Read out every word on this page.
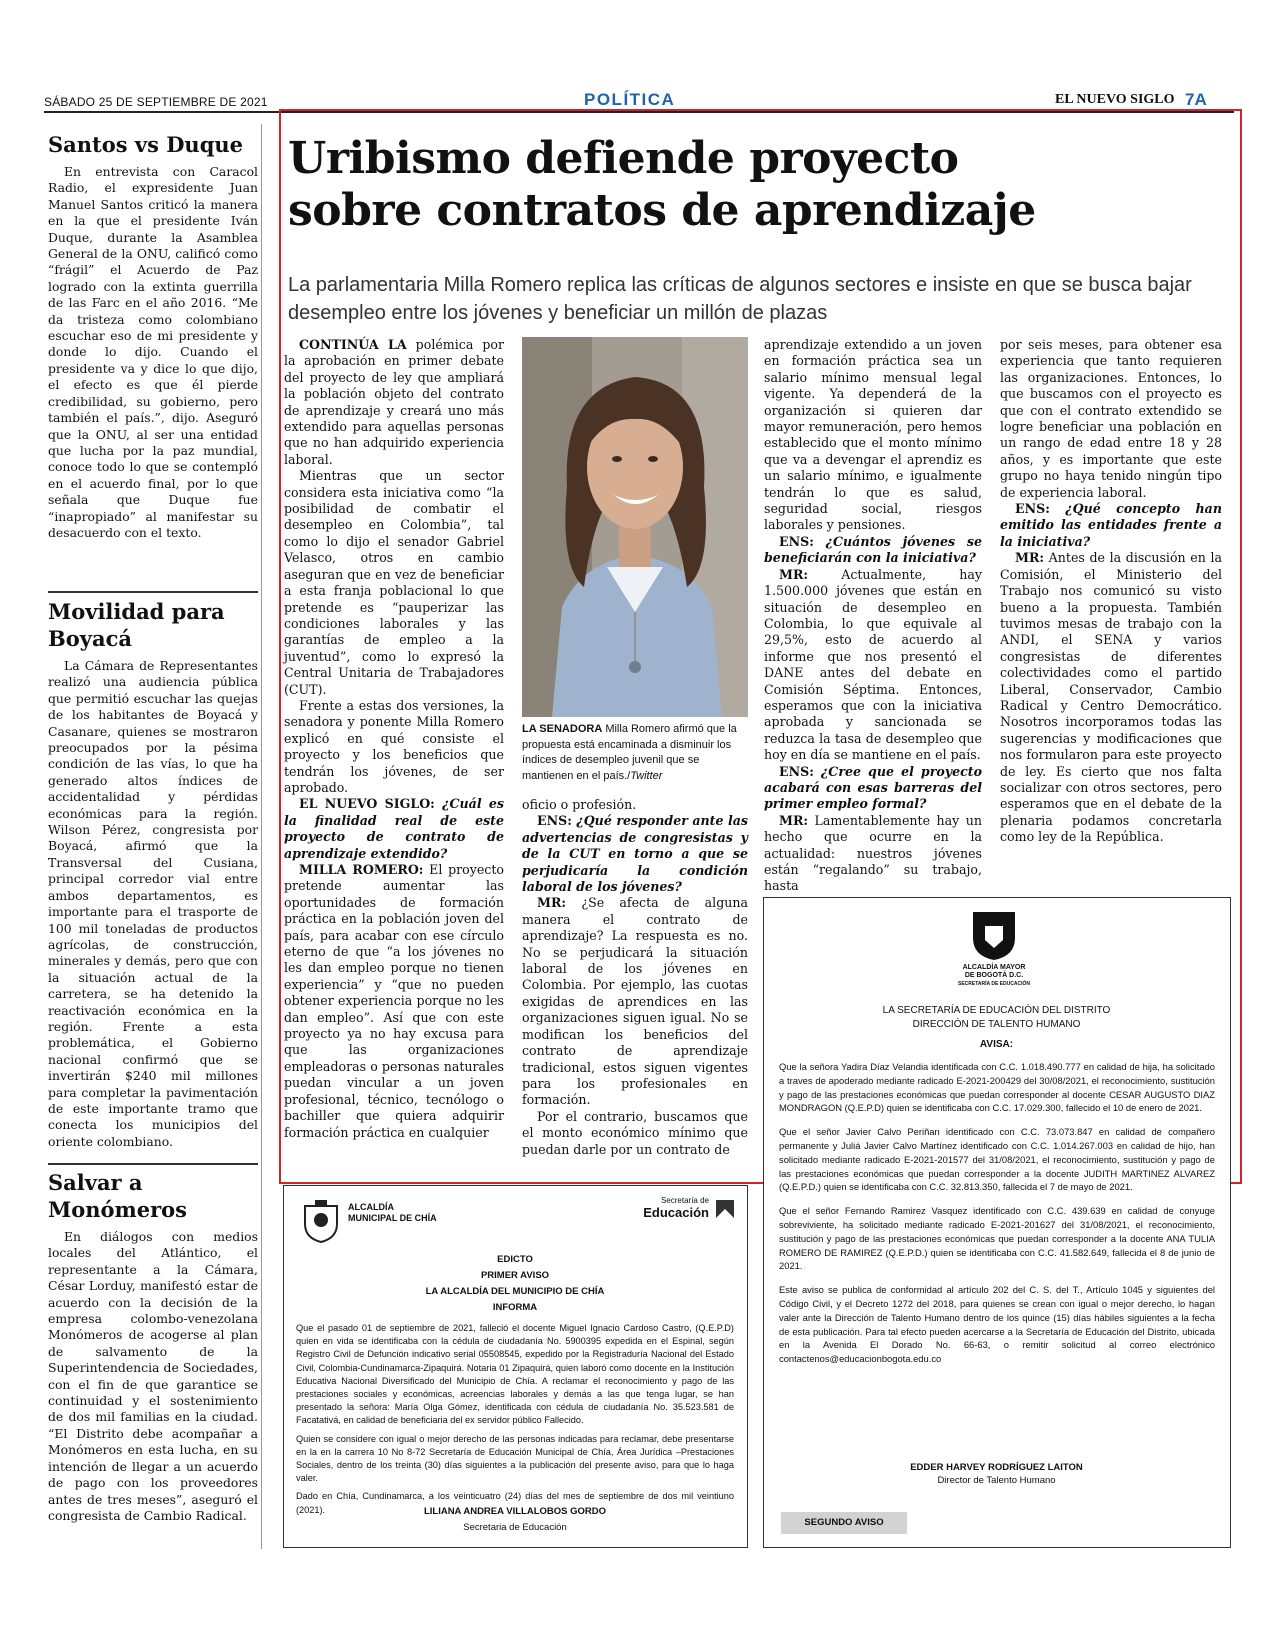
SÁBADO 25 DE SEPTIEMBRE DE 2021	POLÍTICA	EL NUEVO SIGLO 7A
Santos vs Duque

En entrevista con Caracol Radio, el expresidente Juan Manuel Santos criticó la manera en la que el presidente Iván Duque, durante la Asamblea General de la ONU, calificó como “frágil” el Acuerdo de Paz logrado con la extinta guerrilla de las Farc en el año 2016. “Me da tristeza como colombiano escuchar eso de mi presidente y donde lo dijo. Cuando el presidente va y dice lo que dijo, el efecto es que él pierde credibilidad, su gobierno, pero también el país.”, dijo. Aseguró que la ONU, al ser una entidad que lucha por la paz mundial, conoce todo lo que se contempló en el acuerdo final, por lo que señala que Duque fue “inapropiado” al manifestar su desacuerdo con el texto.

Movilidad para Boyacá

La Cámara de Representantes realizó una audiencia pública que permitió escuchar las quejas de los habitantes de Boyacá y Casanare, quienes se mostraron preocupados por la pésima condición de las vías, lo que ha generado altos índices de accidentalidad y pérdidas económicas para la región. Wilson Pérez, congresista por Boyacá, afirmó que la Transversal del Cusiana, principal corredor vial entre ambos departamentos, es importante para el trasporte de 100 mil toneladas de productos agrícolas, de construcción, minerales y demás, pero que con la situación actual de la carretera, se ha detenido la reactivación económica en la región. Frente a esta problemática, el Gobierno nacional confirmó que se invertirán $240 mil millones para completar la pavimentación de este importante tramo que conecta los municipios del oriente colombiano.

Salvar a Monómeros

En diálogos con medios locales del Atlántico, el representante a la Cámara, César Lorduy, manifestó estar de acuerdo con la decisión de la empresa colombo-venezolana Monómeros de acogerse al plan de salvamento de la Superintendencia de Sociedades, con el fin de que garantice se continuidad y el sostenimiento de dos mil familias en la ciudad. “El Distrito debe acompañar a Monómeros en esta lucha, en su intención de llegar a un acuerdo de pago con los proveedores antes de tres meses”, aseguró el congresista de Cambio Radical.

Uribismo defiende proyecto
sobre contratos de aprendizaje
La parlamentaria Milla Romero replica las críticas de algunos sectores e insiste en que se busca bajar desempleo entre los jóvenes y beneficiar un millón de plazas

CONTINÚA LA polémica por la aprobación en primer debate del proyecto de ley que ampliará la población objeto del contrato de aprendizaje y creará uno más extendido para aquellas personas que no han adquirido experiencia laboral.

Mientras que un sector considera esta iniciativa como “la posibilidad de combatir el desempleo en Colombia”, tal como lo dijo el senador Gabriel Velasco, otros en cambio aseguran que en vez de beneficiar a esta franja poblacional lo que pretende es “pauperizar las condiciones laborales y las garantías de empleo a la juventud”, como lo expresó la Central Unitaria de Trabajadores (CUT).

Frente a estas dos versiones, la senadora y ponente Milla Romero explicó en qué consiste el proyecto y los beneficios que tendrán los jóvenes, de ser aprobado.

EL NUEVO SIGLO: ¿Cuál es la finalidad real de este proyecto de contrato de aprendizaje extendido?

MILLA ROMERO: El proyecto pretende aumentar las oportunidades de formación práctica en la población joven del país, para acabar con ese círculo eterno de que “a los jóvenes no les dan empleo porque no tienen experiencia” y “que no pueden obtener experiencia porque no les dan empleo”. Así que con este proyecto ya no hay excusa para que las organizaciones empleadoras o personas naturales puedan vincular a un joven profesional, técnico, tecnólogo o bachiller que quiera adquirir formación práctica en cualquier

LA SENADORA Milla Romero afirmó que la propuesta está encaminada a disminuir los índices de desempleo juvenil que se mantienen en el país./Twitter

oficio o profesión.

ENS: ¿Qué responder ante las advertencias de congresistas y de la CUT en torno a que se perjudicaría la condición laboral de los jóvenes?

MR: ¿Se afecta de alguna manera el contrato de aprendizaje? La respuesta es no. No se perjudicará la situación laboral de los jóvenes en Colombia. Por ejemplo, las cuotas exigidas de aprendices en las organizaciones siguen igual. No se modifican los beneficios del contrato de aprendizaje tradicional, estos siguen vigentes para los profesionales en formación.

Por el contrario, buscamos que el monto económico mínimo que puedan darle por un contrato de

aprendizaje extendido a un joven en formación práctica sea un salario mínimo mensual legal vigente. Ya dependerá de la organización si quieren dar mayor remuneración, pero hemos establecido que el monto mínimo que va a devengar el aprendiz es un salario mínimo, e igualmente tendrán lo que es salud, seguridad social, riesgos laborales y pensiones.

ENS: ¿Cuántos jóvenes se beneficiarán con la iniciativa?

MR: Actualmente, hay 1.500.000 jóvenes que están en situación de desempleo en Colombia, lo que equivale al 29,5%, esto de acuerdo al informe que nos presentó el DANE antes del debate en Comisión Séptima. Entonces, esperamos que con la iniciativa aprobada y sancionada se reduzca la tasa de desempleo que hoy en día se mantiene en el país.

ENS: ¿Cree que el proyecto acabará con esas barreras del primer empleo formal?

MR: Lamentablemente hay un hecho que ocurre en la actualidad: nuestros jóvenes están “regalando” su trabajo, hasta

por seis meses, para obtener esa experiencia que tanto requieren las organizaciones. Entonces, lo que buscamos con el proyecto es que con el contrato extendido se logre beneficiar una población en un rango de edad entre 18 y 28 años, y es importante que este grupo no haya tenido ningún tipo de experiencia laboral.

ENS: ¿Qué concepto han emitido las entidades frente a la iniciativa?

MR: Antes de la discusión en la Comisión, el Ministerio del Trabajo nos comunicó su visto bueno a la propuesta. También tuvimos mesas de trabajo con la ANDI, el SENA y varios congresistas de diferentes colectividades como el partido Liberal, Conservador, Cambio Radical y Centro Democrático. Nosotros incorporamos todas las sugerencias y modificaciones que nos formularon para este proyecto de ley. Es cierto que nos falta socializar con otros sectores, pero esperamos que en el debate de la plenaria podamos concretarla como ley de la República.

ALCALDÍA MUNICIPAL DE CHÍA
Secretaría de
Educación
EDICTO
PRIMER AVISO
LA ALCALDÍA DEL MUNICIPIO DE CHÍA
INFORMA

Que el pasado 01 de septiembre de 2021, falleció el docente Miguel Ignacio Cardoso Castro, (Q.E.P.D) quien en vida se identificaba con la cédula de ciudadanía No. 5900395 expedida en el Espinal, según Registro Civil de Defunción indicativo serial 05508545, expedido por la Registraduría Nacional del Estado Civil, Colombia-Cundinamarca-Zipaquirá. Notaria 01 Zipaquirá, quien laboró como docente en la Institución Educativa Nacional Diversificado del Municipio de Chía. A reclamar el reconocimiento y pago de las prestaciones sociales y económicas, acreencias laborales y demás a las que tenga lugar, se han presentado la señora: María Olga Gómez, identificada con cédula de ciudadanía No. 35.523.581 de Facatativá, en calidad de beneficiaria del ex servidor público Fallecido.

Quien se considere con igual o mejor derecho de las personas indicadas para reclamar, debe presentarse en la en la carrera 10 No 8-72 Secretaría de Educación Municipal de Chía, Área Jurídica –Prestaciones Sociales, dentro de los treinta (30) días siguientes a la publicación del presente aviso, para que lo haga valer.

Dado en Chía, Cundinamarca, a los veinticuatro (24) días del mes de septiembre de dos mil veintiuno (2021).	LILIANA ANDREA VILLALOBOS GORDO
Secretaria de Educación
ALCALDÍA MAYOR
DE BOGOTÁ D.C.
SECRETARÍA DE EDUCACIÓN
LA SECRETARÍA DE EDUCACIÓN DEL DISTRITO
DIRECCIÓN DE TALENTO HUMANO
AVISA:

Que la señora Yadira Díaz Velandia identificada con C.C. 1.018.490.777 en calidad de hija, ha solicitado a traves de apoderado mediante radicado E-2021-200429 del 30/08/2021, el reconocimiento, sustitución y pago de las prestaciones económicas que puedan corresponder al docente CESAR AUGUSTO DIAZ MONDRAGON (Q.E.P.D) quien se identificaba con C.C. 17.029.300, fallecido el 10 de enero de 2021.

Que el señor Javier Calvo Periñan identificado con C.C. 73.073.847 en calidad de compañero permanente y Juliá Javier Calvo Martínez identificado con C.C. 1.014.267.003 en calidad de hijo, han solicitado mediante radicado E-2021-201577 del 31/08/2021, el reconocimiento, sustitución y pago de las prestaciones económicas que puedan corresponder a la docente JUDITH MARTINEZ ALVAREZ (Q.E.P.D.) quien se identificaba con C.C. 32.813.350, fallecida el 7 de mayo de 2021.

Que el señor Fernando Ramirez Vasquez identificado con C.C. 439.639 en calidad de conyuge sobreviviente, ha solicitado mediante radicado E-2021-201627 del 31/08/2021, el reconocimiento, sustitución y pago de las prestaciones económicas que puedan corresponder a la docente ANA TULIA ROMERO DE RAMIREZ (Q.E.P.D.) quien se identificaba con C.C. 41.582.649, fallecida el 8 de junio de 2021.

Este aviso se publica de conformidad al artículo 202 del C. S. del T., Artículo 1045 y siguientes del Código Civil, y el Decreto 1272 del 2018, para quienes se crean con igual o mejor derecho, lo hagan valer ante la Dirección de Talento Humano dentro de los quince (15) días hábiles siguientes a la fecha de esta publicación. Para tal efecto pueden acercarse a la Secretaría de Educación del Distrito, ubicada en la Avenida El Dorado No. 66-63, o remitir solicitud al correo electrónico contactenos@educacionbogota.edu.co

EDDER HARVEY RODRÍGUEZ LAITON
Director de Talento Humano
SEGUNDO AVISO
